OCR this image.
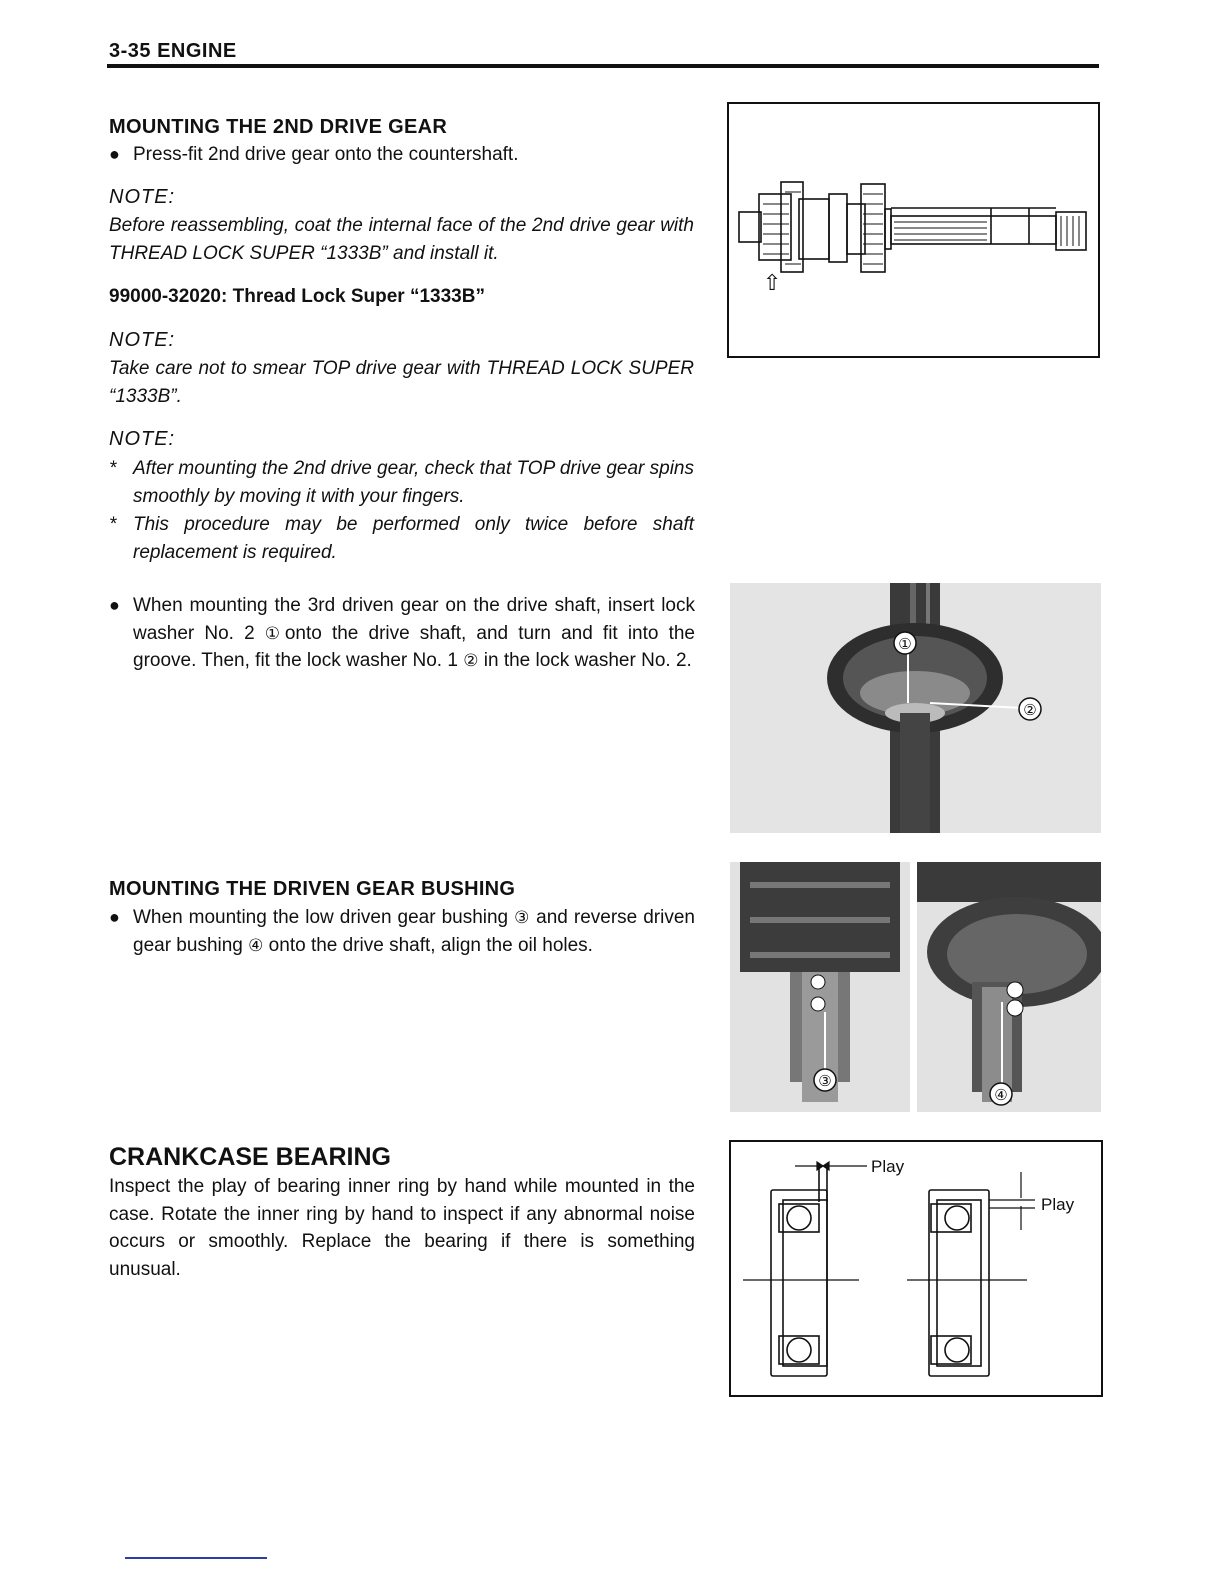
3-35 ENGINE
MOUNTING THE 2ND DRIVE GEAR
● Press-fit 2nd drive gear onto the countershaft.
NOTE:
Before reassembling, coat the internal face of the 2nd drive gear with THREAD LOCK SUPER “1333B” and install it.
99000-32020: Thread Lock Super “1333B”
NOTE:
Take care not to smear TOP drive gear with THREAD LOCK SUPER “1333B”.
NOTE:
* After mounting the 2nd drive gear, check that TOP drive gear spins smoothly by moving it with your fingers.
* This procedure may be performed only twice before shaft replacement is required.
⇧
● When mounting the 3rd driven gear on the drive shaft, insert lock washer No. 2 ①onto the drive shaft, and turn and fit into the groove. Then, fit the lock washer No. 1 ② in the lock washer No. 2.
①
②
MOUNTING THE DRIVEN GEAR BUSHING
● When mounting the low driven gear bushing ③ and reverse driven gear bushing ④ onto the drive shaft, align the oil holes.
③
④
CRANKCASE BEARING
Inspect the play of bearing inner ring by hand while mounted in the case. Rotate the inner ring by hand to inspect if any abnormal noise occurs or smoothly. Replace the bearing if there is something unusual.
Play
Play
